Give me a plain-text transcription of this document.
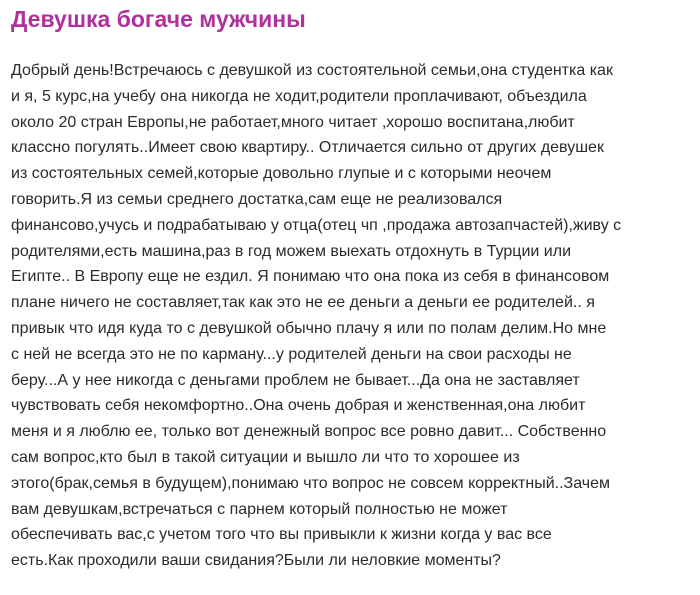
Девушка богаче мужчины
Добрый день!Встречаюсь с девушкой из состоятельной семьи,она студентка как
и я, 5 курс,на учебу она никогда не ходит,родители проплачивают, объездила
около 20 стран Европы,не работает,много читает ,хорошо воспитана,любит
классно погулять..Имеет свою квартиру.. Отличается сильно от других девушек
из состоятельных семей,которые довольно глупые и с которыми неочем
говорить.Я из семьи среднего достатка,сам еще не реализовался
финансово,учусь и подрабатываю у отца(отец чп ,продажа автозапчастей),живу с
родителями,есть машина,раз в год можем выехать отдохнуть в Турции или
Египте.. В Европу еще не ездил. Я понимаю что она пока из себя в финансовом
плане ничего не составляет,так как это не ее деньги а деньги ее родителей.. я
привык что идя куда то с девушкой обычно плачу я или по полам делим.Но мне
с ней не всегда это не по карману...у родителей деньги на свои расходы не
беру...А у нее никогда с деньгами проблем не бывает...Да она не заставляет
чувствовать себя некомфортно..Она очень добрая и женственная,она любит
меня и я люблю ее, только вот денежный вопрос все ровно давит... Собственно
сам вопрос,кто был в такой ситуации и вышло ли что то хорошее из
этого(брак,семья в будущем),понимаю что вопрос не совсем корректный..Зачем
вам девушкам,встречаться с парнем который полностью не может
обеспечивать вас,с учетом того что вы привыкли к жизни когда у вас все
есть.Как проходили ваши свидания?Были ли неловкие моменты?
